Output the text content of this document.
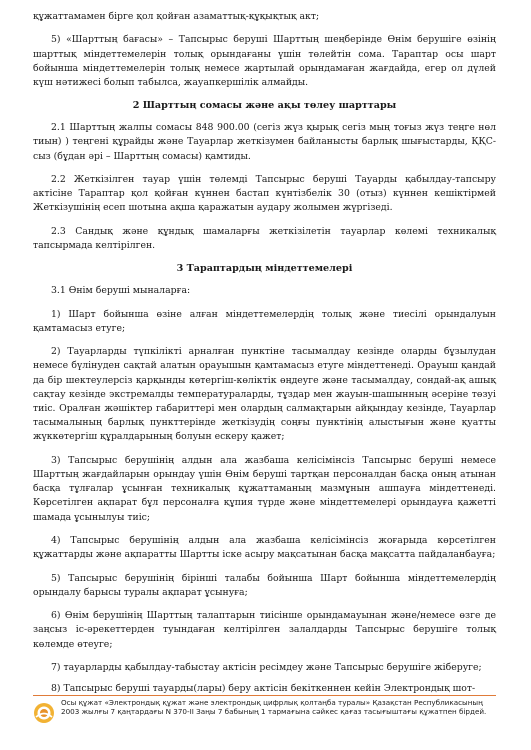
құжаттамамен бірге қол қойған азаматтық-құқықтық акт;

5) «Шарттың бағасы» – Тапсырыс беруші Шарттың шеңберінде Өнім берушіге өзінің шарттық міндеттемелерін толық орындағаны үшін төлейтін сома. Тараптар осы шарт бойынша міндеттемелерін толық немесе жартылай орындамаған жағдайда, егер ол дүлей күш нәтижесі болып табылса, жауапкершілік алмайды.

2 Шарттың сомасы және ақы төлеу шарттары

2.1 Шарттың жалпы сомасы 848 900.00 (сегіз жүз қырық сегіз мың тоғыз жүз теңге нөл тиын) ) теңгені құрайды және Тауарлар жеткізумен байланысты барлық шығыстарды, ҚҚС-сыз (бұдан әрі – Шарттың сомасы) қамтиды.

2.2 Жеткізілген тауар үшін төлемді Тапсырыс беруші Тауарды қабылдау-тапсыру актісіне Тараптар қол қойған күннен бастап күнтізбелік 30 (отыз) күннен кешіктірмей Жеткізушінің есеп шотына ақша қаражатын аудару жолымен жүргізеді.

2.3 Сандық және құндық шамаларғы жеткізілетін тауарлар көлемі техникалық тапсырмада келтірілген.

3 Тараптардың міндеттемелері

3.1 Өнім беруші мыналарға:

1) Шарт бойынша өзіне алған міндеттемелердің толық және тиесілі орындалуын қамтамасыз етуге;

2) Тауарларды түпкілікті арналған пунктіне тасымалдау кезінде оларды бұзылудан немесе бүлінуден сақтай алатын орауышын қамтамасыз етуге міндеттенеді. Орауыш қандай да бір шектеулерсіз қарқынды көтергіш-көліктік өңдеуге және тасымалдау, сондай-ақ ашық сақтау кезінде экстремалды температураларды, тұздар мен жауын-шашынның әсеріне төзуі тиіс. Оралған жәшіктер габариттері мен олардың салмақтарын айқындау кезінде, Тауарлар тасымалының барлық пункттерінде жеткізудің соңғы пунктінің алыстығын және қуатты жүккөтергіш құралдарының болуын ескеру қажет;

3) Тапсырыс берушінің алдын ала жазбаша келісімінсіз Тапсырыс беруші немесе Шарттың жағдайларын орындау үшін Өнім беруші тартқан персоналдан басқа оның атынан басқа тұлғалар ұсынған техникалық құжаттаманың мазмұнын ашпауға міндеттенеді. Көрсетілген ақпарат бұл персоналға құпия түрде және міндеттемелері орындауға қажетті шамада ұсынылуы тиіс;

4) Тапсырыс берушінің алдын ала жазбаша келісімінсіз жоғарыда көрсетілген құжаттарды және ақпаратты Шартты іске асыру мақсатынан басқа мақсатта пайдаланбауға;

5) Тапсырыс берушінің бірінші талабы бойынша Шарт бойынша міндеттемелердің орындалу барысы туралы ақпарат ұсынуға;

6) Өнім берушінің Шарттың талаптарын тиісінше орындамауынан және/немесе өзге де заңсыз іс-әрекеттерден туындаған келтірілген залалдарды Тапсырыс берушіге толық көлемде өтеуге;

7) тауарларды қабылдау-табыстау актісін ресімдеу және Тапсырыс берушіге жіберуге;

8) Тапсырыс беруші тауарды(лары) беру актісін бекіткеннен кейін Электрондық шот-

Осы құжат «Электрондық құжат және электрондық цифрлық қолтаңба туралы» Қазақстан Республикасының 2003 жылғы 7 қаңтардағы N 370-II Заңы 7 бабының 1 тармағына сәйкес қағаз тасығыштағы құжатпен бірдей.
